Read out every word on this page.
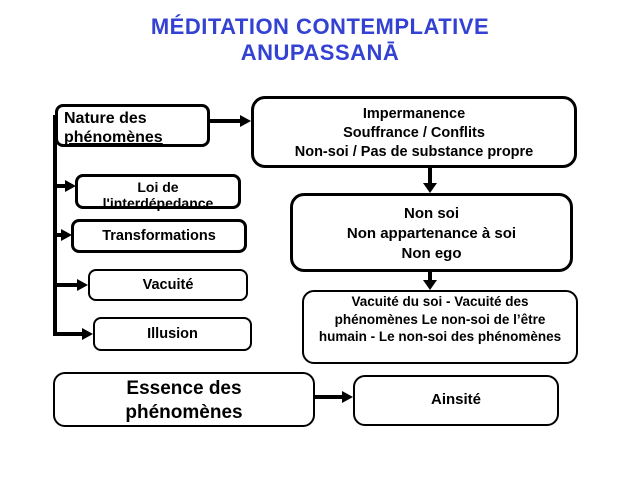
MÉDITATION CONTEMPLATIVE
ANUPASSANĀ
Nature des
phénomènes
Loi de
l'interdépedance
Transformations
Vacuité
Illusion
Essence des
phénomènes
Impermanence
Souffrance / Conflits
Non-soi / Pas de substance propre
Non soi
Non appartenance à soi
Non ego
Vacuité du soi - Vacuité des phénomènes Le non-soi de l’être humain - Le non-soi des phénomènes
Ainsité
